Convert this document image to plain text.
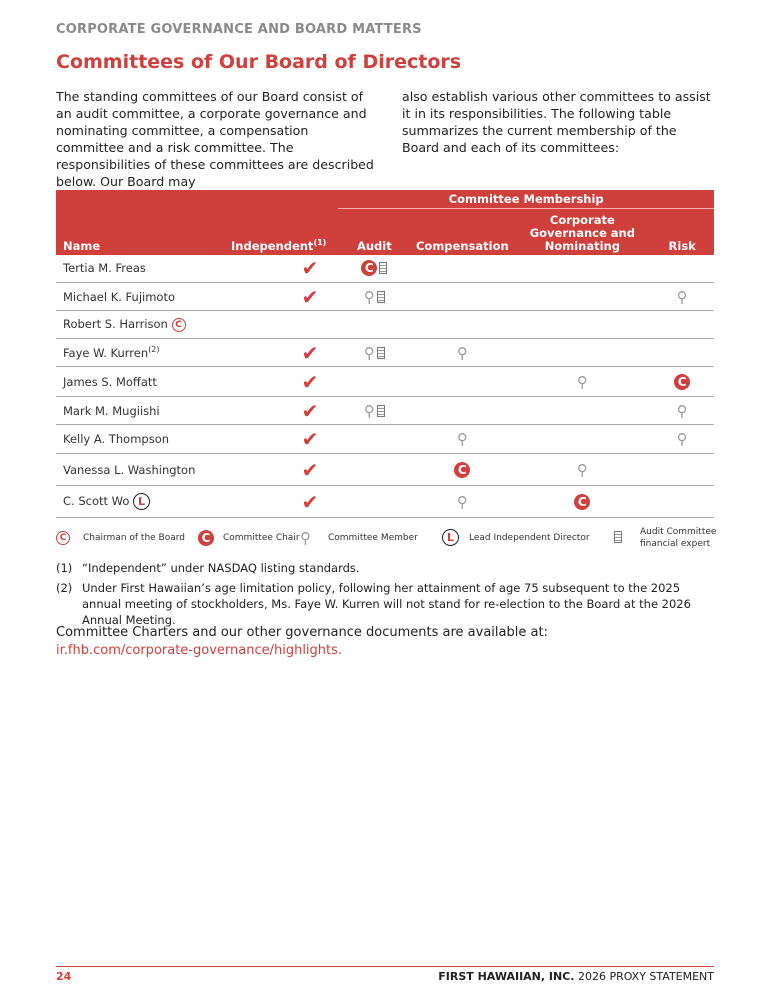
CORPORATE GOVERNANCE AND BOARD MATTERS
Committees of Our Board of Directors
The standing committees of our Board consist of an audit committee, a corporate governance and nominating committee, a compensation committee and a risk committee. The responsibilities of these committees are described below. Our Board may
also establish various other committees to assist it in its responsibilities. The following table summarizes the current membership of the Board and each of its committees:
		Committee Membership			
Name	Independent$^{(1)}$	Audit	Compensation	Corporate Governance and Nominating	Risk
Tertia M. Freas	✔	C			
Michael K. Fujimoto	✔	⚲			⚲
Robert S. Harrison C					
Faye W. Kurren$^{(2)}$	✔	⚲	⚲		
James S. Moffatt	✔			⚲	C
Mark M. Mugiishi	✔	⚲			⚲
Kelly A. Thompson	✔		⚲		⚲
Vanessa L. Washington	✔		C	⚲	
C. Scott Wo L	✔		⚲	C	
C	Chairman of the Board C	Committee Chair ⚲ Committee Member	L	Lead Independent Director
Audit Committee financial expert
(1) “Independent” under NASDAQ listing standards.
(2) Under First Hawaiian’s age limitation policy, following her attainment of age 75 subsequent to the 2025 annual meeting of stockholders, Ms. Faye W. Kurren will not stand for re-election to the Board at the 2026 Annual Meeting.
Committee Charters and our other governance documents are available at:
ir.fhb.com/corporate-governance/highlights.
24	FIRST HAWAIIAN, INC. 2026 PROXY STATEMENT
